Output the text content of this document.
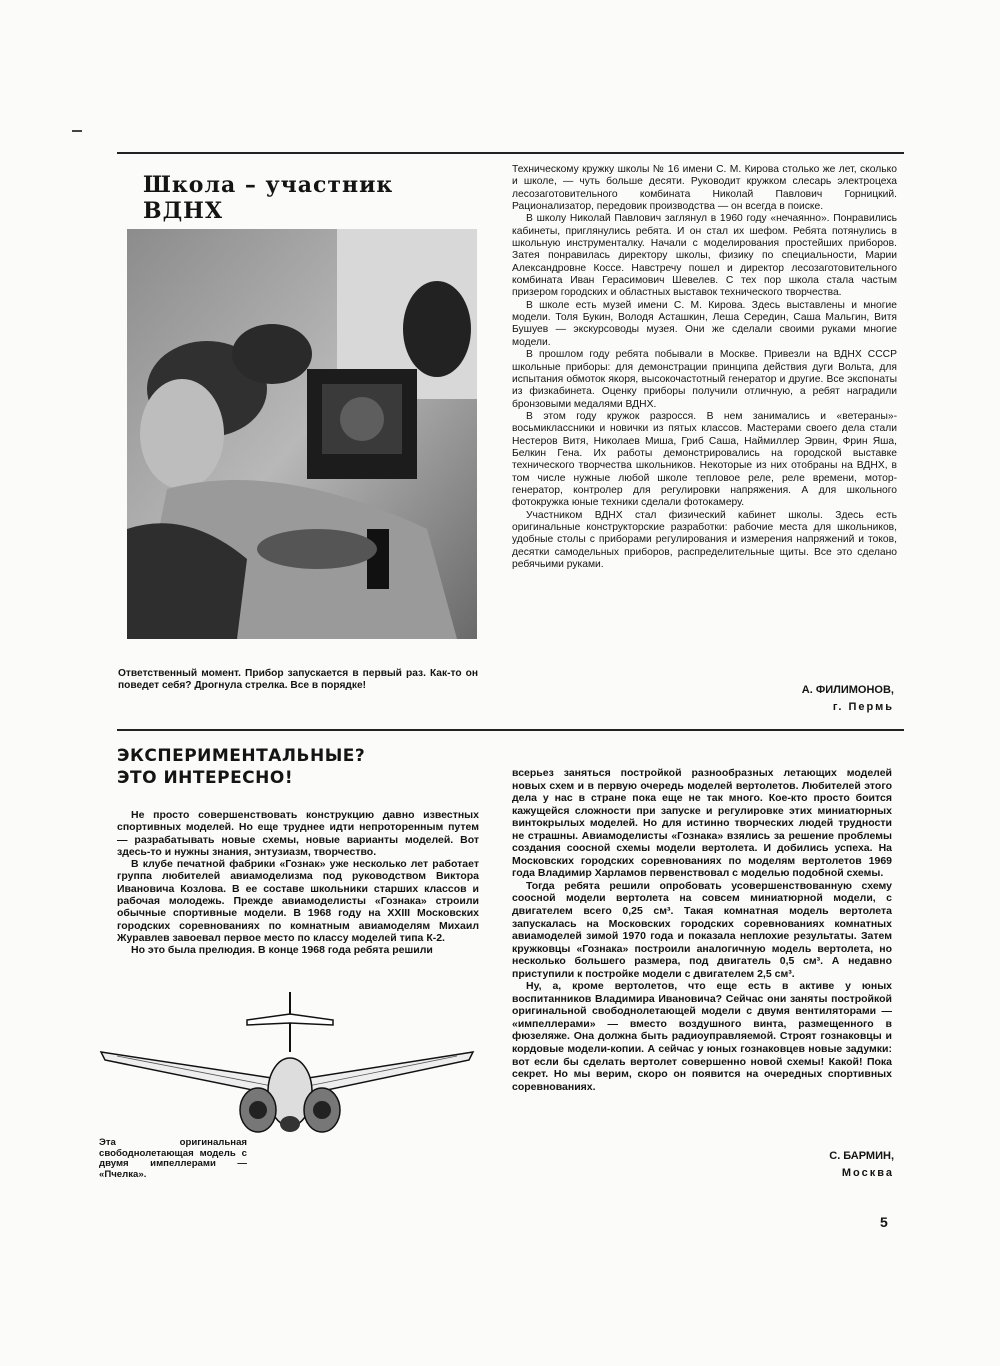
Школа – участник ВДНХ

Техническому кружку школы № 16 имени С. М. Кирова столько же лет, сколько и школе, — чуть больше десяти. Руководит кружком слесарь электроцеха лесозаготовительного комбината Николай Павлович Горницкий. Рационализатор, передовик производства — он всегда в поиске.

В школу Николай Павлович заглянул в 1960 году «нечаянно». Понравились кабинеты, приглянулись ребята. И он стал их шефом. Ребята потянулись в школьную инструменталку. Начали с моделирования простейших приборов. Затея понравилась директору школы, физику по специальности, Марии Александровне Коссе. Навстречу пошел и директор лесозаготовительного комбината Иван Герасимович Шевелев. С тех пор школа стала частым призером городских и областных выставок технического творчества.

В школе есть музей имени С. М. Кирова. Здесь выставлены и многие модели. Толя Букин, Володя Асташкин, Леша Середин, Саша Мальгин, Витя Бушуев — экскурсоводы музея. Они же сделали своими руками многие модели.

В прошлом году ребята побывали в Москве. Привезли на ВДНХ СССР школьные приборы: для демонстрации принципа действия дуги Вольта, для испытания обмоток якоря, высокочастотный генератор и другие. Все экспонаты из физкабинета. Оценку приборы получили отличную, а ребят наградили бронзовыми медалями ВДНХ.

В этом году кружок разросся. В нем занимались и «ветераны»-восьмиклассники и новички из пятых классов. Мастерами своего дела стали Нестеров Витя, Николаев Миша, Гриб Саша, Наймиллер Эрвин, Фрин Яша, Белкин Гена. Их работы демонстрировались на городской выставке технического творчества школьников. Некоторые из них отобраны на ВДНХ, в том числе нужные любой школе тепловое реле, реле времени, мотор-генератор, контролер для регулировки напряжения. А для школьного фотокружка юные техники сделали фотокамеру.

Участником ВДНХ стал физический кабинет школы. Здесь есть оригинальные конструкторские разработки: рабочие места для школьников, удобные столы с приборами регулирования и измерения напряжений и токов, десятки самодельных приборов, распределительные щиты. Все это сделано ребячьими руками.

Ответственный момент. Прибор запускается в первый раз. Как-то он поведет себя? Дрогнула стрелка. Все в порядке!	А. ФИЛИМОНОВ,
г. Пермь
ЭКСПЕРИМЕНТАЛЬНЫЕ?
ЭТО ИНТЕРЕСНО!

Не просто совершенствовать конструкцию давно известных спортивных моделей. Но еще труднее идти непроторенным путем — разрабатывать новые схемы, новые варианты моделей. Вот здесь-то и нужны знания, энтузиазм, творчество.

В клубе печатной фабрики «Гознак» уже несколько лет работает группа любителей авиамоделизма под руководством Виктора Ивановича Козлова. В ее составе школьники старших классов и рабочая молодежь. Прежде авиамоделисты «Гознака» строили обычные спортивные модели. В 1968 году на XXIII Московских городских соревнованиях по комнатным авиамоделям Михаил Журавлев завоевал первое место по классу моделей типа К-2.

Но это была прелюдия. В конце 1968 года ребята решили

Эта оригинальная свободнолетающая модель с двумя импеллерами — «Пчелка».

всерьез заняться постройкой разнообразных летающих моделей новых схем и в первую очередь моделей вертолетов. Любителей этого дела у нас в стране пока еще не так много. Кое-кто просто боится кажущейся сложности при запуске и регулировке этих миниатюрных винтокрылых моделей. Но для истинно творческих людей трудности не страшны. Авиамоделисты «Гознака» взялись за решение проблемы создания соосной схемы модели вертолета. И добились успеха. На Московских городских соревнованиях по моделям вертолетов 1969 года Владимир Харламов первенствовал с моделью подобной схемы.

Тогда ребята решили опробовать усовершенствованную схему соосной модели вертолета на совсем миниатюрной модели, с двигателем всего 0,25 см³. Такая комнатная модель вертолета запускалась на Московских городских соревнованиях комнатных авиамоделей зимой 1970 года и показала неплохие результаты. Затем кружковцы «Гознака» построили аналогичную модель вертолета, но несколько большего размера, под двигатель 0,5 см³. А недавно приступили к постройке модели с двигателем 2,5 см³.

Ну, а, кроме вертолетов, что еще есть в активе у юных воспитанников Владимира Ивановича? Сейчас они заняты постройкой оригинальной свободнолетающей модели с двумя вентиляторами — «импеллерами» — вместо воздушного винта, размещенного в фюзеляже. Она должна быть радиоуправляемой. Строят гознаковцы и кордовые модели-копии. А сейчас у юных гознаковцев новые задумки: вот если бы сделать вертолет совершенно новой схемы! Какой! Пока секрет. Но мы верим, скоро он появится на очередных спортивных соревнованиях.

С. БАРМИН,
Москва
5
